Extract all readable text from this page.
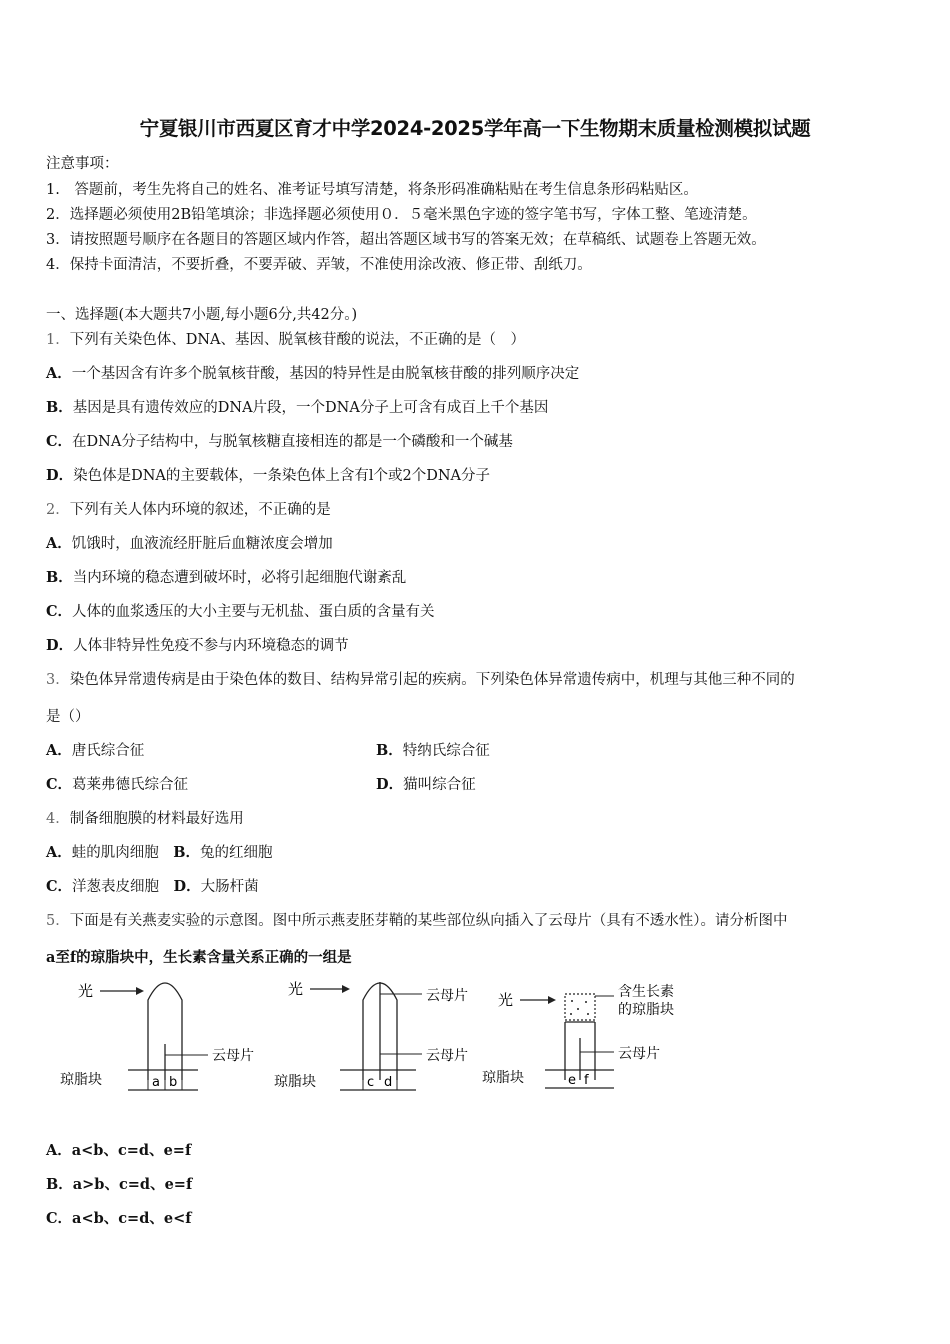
宁夏银川市西夏区育才中学2024-2025学年高一下生物期末质量检测模拟试题
注意事项：
1.　答题前，考生先将自己的姓名、准考证号填写清楚，将条形码准确粘贴在考生信息条形码粘贴区。
2．选择题必须使用2B铅笔填涂；非选择题必须使用０．５毫米黑色字迹的签字笔书写，字体工整、笔迹清楚。
3．请按照题号顺序在各题目的答题区域内作答，超出答题区域书写的答案无效；在草稿纸、试题卷上答题无效。
4．保持卡面清洁，不要折叠，不要弄破、弄皱，不准使用涂改液、修正带、刮纸刀。
一、选择题(本大题共7小题,每小题6分,共42分。)
1．下列有关染色体、DNA、基因、脱氧核苷酸的说法，不正确的是（　）
A．一个基因含有许多个脱氧核苷酸，基因的特异性是由脱氧核苷酸的排列顺序决定
B．基因是具有遗传效应的DNA片段，一个DNA分子上可含有成百上千个基因
C．在DNA分子结构中，与脱氧核糖直接相连的都是一个磷酸和一个碱基
D．染色体是DNA的主要载体，一条染色体上含有l个或2个DNA分子
2．下列有关人体内环境的叙述，不正确的是
A．饥饿时，血液流经肝脏后血糖浓度会增加
B．当内环境的稳态遭到破坏时，必将引起细胞代谢紊乱
C．人体的血浆透压的大小主要与无机盐、蛋白质的含量有关
D．人体非特异性免疫不参与内环境稳态的调节
3．染色体异常遗传病是由于染色体的数目、结构异常引起的疾病。下列染色体异常遗传病中，机理与其他三种不同的
是（）
A．唐氏综合征	B．特纳氏综合征
C．葛莱弗德氏综合征	D．猫叫综合征
4．制备细胞膜的材料最好选用
A．蛙的肌肉细胞　 B．兔的红细胞
C．洋葱表皮细胞　 D．大肠杆菌
5．下面是有关燕麦实验的示意图。图中所示燕麦胚芽鞘的某些部位纵向插入了云母片（具有不透水性）。请分析图中
a至f的琼脂块中，生长素含量关系正确的一组是
光
云母片
a b
琼脂块
光	云母片
云母片
c d
琼脂块
光	含生长素
的琼脂块
云母片
e f
琼脂块
A．a<b、c=d、e=f
B．a>b、c=d、e=f
C．a<b、c=d、e<f
